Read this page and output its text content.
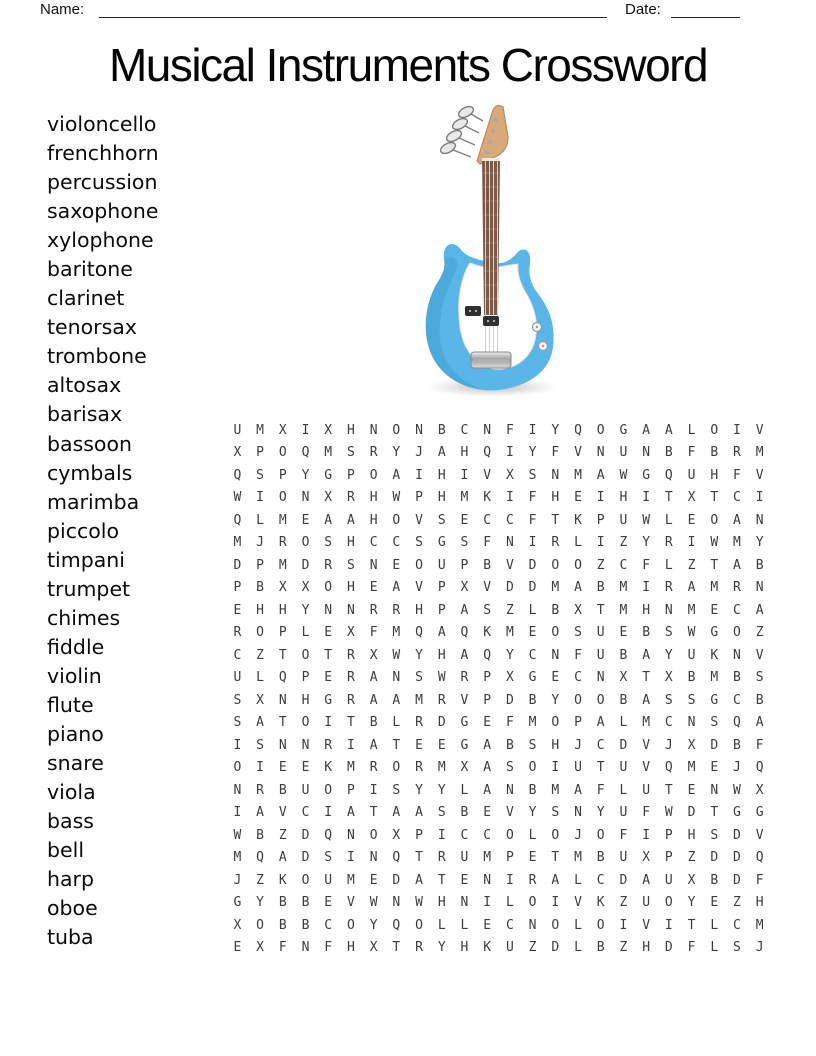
Name:	Date:
Musical Instruments Crossword
violoncello
frenchhorn
percussion
saxophone
xylophone
baritone
clarinet
tenorsax
trombone
altosax
barisax
bassoon
cymbals
marimba
piccolo
timpani
trumpet
chimes
fiddle
violin
flute
piano
snare
viola
bass
bell
harp
oboe
tuba
U	M	X	I	X	H	N	O	N	B	C	N	F	I	Y	Q	O	G	A	A	L	O	I	V
X	P	O	Q	M	S	R	Y	J	A	H	Q	I	Y	F	V	N	U	N	B	F	B	R	M
Q	S	P	Y	G	P	O	A	I	H	I	V	X	S	N	M	A	W	G	Q	U	H	F	V
W	I	O	N	X	R	H	W	P	H	M	K	I	F	H	E	I	H	I	T	X	T	C	I
Q	L	M	E	A	A	H	O	V	S	E	C	C	F	T	K	P	U	W	L	E	O	A	N
M	J	R	O	S	H	C	C	S	G	S	F	N	I	R	L	I	Z	Y	R	I	W	M	Y
D	P	M	D	R	S	N	E	O	U	P	B	V	D	O	O	Z	C	F	L	Z	T	A	B
P	B	X	X	O	H	E	A	V	P	X	V	D	D	M	A	B	M	I	R	A	M	R	N
E	H	H	Y	N	N	R	R	H	P	A	S	Z	L	B	X	T	M	H	N	M	E	C	A
R	O	P	L	E	X	F	M	Q	A	Q	K	M	E	O	S	U	E	B	S	W	G	O	Z
C	Z	T	O	T	R	X	W	Y	H	A	Q	Y	C	N	F	U	B	A	Y	U	K	N	V
U	L	Q	P	E	R	A	N	S	W	R	P	X	G	E	C	N	X	T	X	B	M	B	S
S	X	N	H	G	R	A	A	M	R	V	P	D	B	Y	O	O	B	A	S	S	G	C	B
S	A	T	O	I	T	B	L	R	D	G	E	F	M	O	P	A	L	M	C	N	S	Q	A
I	S	N	N	R	I	A	T	E	E	G	A	B	S	H	J	C	D	V	J	X	D	B	F
O	I	E	E	K	M	R	O	R	M	X	A	S	O	I	U	T	U	V	Q	M	E	J	Q
N	R	B	U	O	P	I	S	Y	Y	L	A	N	B	M	A	F	L	U	T	E	N	W	X
I	A	V	C	I	A	T	A	A	S	B	E	V	Y	S	N	Y	U	F	W	D	T	G	G
W	B	Z	D	Q	N	O	X	P	I	C	C	O	L	O	J	O	F	I	P	H	S	D	V
M	Q	A	D	S	I	N	Q	T	R	U	M	P	E	T	M	B	U	X	P	Z	D	D	Q
J	Z	K	O	U	M	E	D	A	T	E	N	I	R	A	L	C	D	A	U	X	B	D	F
G	Y	B	B	E	V	W	N	W	H	N	I	L	O	I	V	K	Z	U	O	Y	E	Z	H
X	O	B	B	C	O	Y	Q	O	L	L	E	C	N	O	L	O	I	V	I	T	L	C	M
E	X	F	N	F	H	X	T	R	Y	H	K	U	Z	D	L	B	Z	H	D	F	L	S	J
